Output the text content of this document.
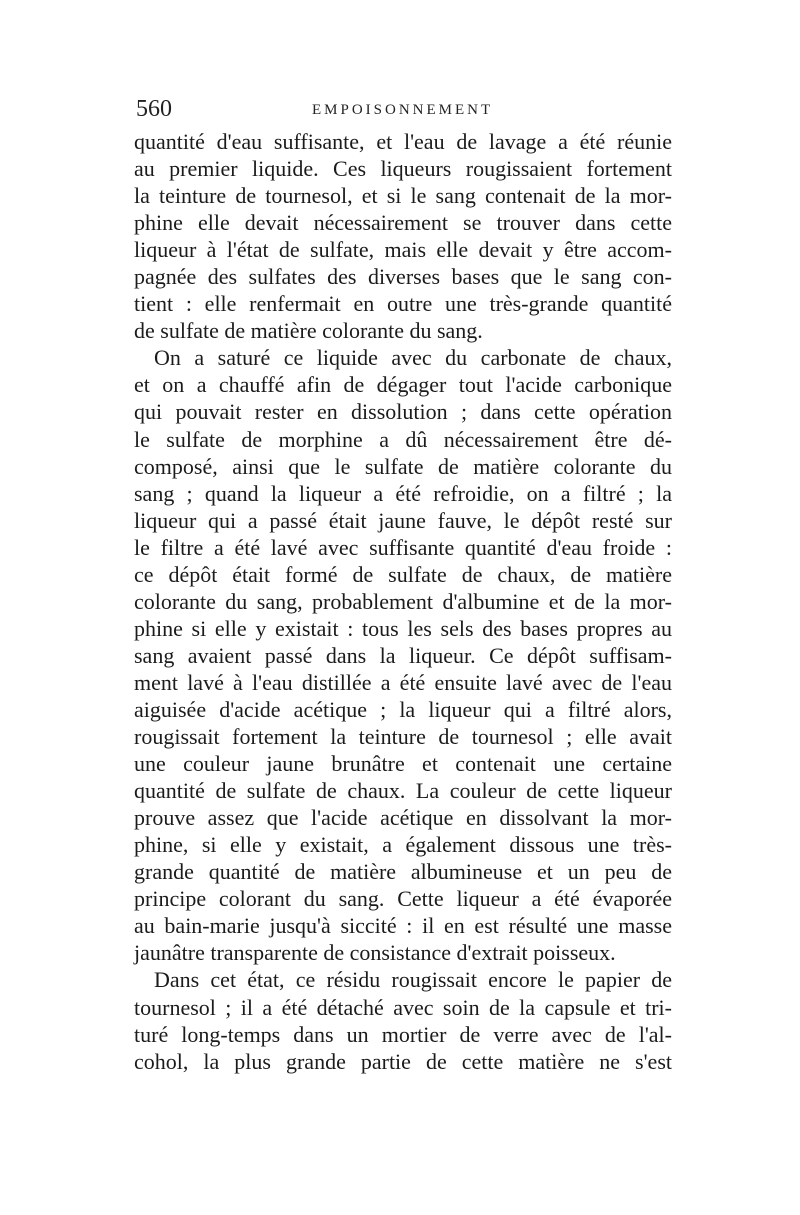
560	EMPOISONNEMENT
quantité d'eau suffisante, et l'eau de lavage a été réunie
au premier liquide. Ces liqueurs rougissaient fortement
la teinture de tournesol, et si le sang contenait de la mor-
phine elle devait nécessairement se trouver dans cette
liqueur à l'état de sulfate, mais elle devait y être accom-
pagnée des sulfates des diverses bases que le sang con-
tient : elle renfermait en outre une très-grande quantité
de sulfate de matière colorante du sang.
On a saturé ce liquide avec du carbonate de chaux,
et on a chauffé afin de dégager tout l'acide carbonique
qui pouvait rester en dissolution ; dans cette opération
le sulfate de morphine a dû nécessairement être dé-
composé, ainsi que le sulfate de matière colorante du
sang ; quand la liqueur a été refroidie, on a filtré ; la
liqueur qui a passé était jaune fauve, le dépôt resté sur
le filtre a été lavé avec suffisante quantité d'eau froide :
ce dépôt était formé de sulfate de chaux, de matière
colorante du sang, probablement d'albumine et de la mor-
phine si elle y existait : tous les sels des bases propres au
sang avaient passé dans la liqueur. Ce dépôt suffisam-
ment lavé à l'eau distillée a été ensuite lavé avec de l'eau
aiguisée d'acide acétique ; la liqueur qui a filtré alors,
rougissait fortement la teinture de tournesol ; elle avait
une couleur jaune brunâtre et contenait une certaine
quantité de sulfate de chaux. La couleur de cette liqueur
prouve assez que l'acide acétique en dissolvant la mor-
phine, si elle y existait, a également dissous une très-
grande quantité de matière albumineuse et un peu de
principe colorant du sang. Cette liqueur a été évaporée
au bain-marie jusqu'à siccité : il en est résulté une masse
jaunâtre transparente de consistance d'extrait poisseux.
Dans cet état, ce résidu rougissait encore le papier de
tournesol ; il a été détaché avec soin de la capsule et tri-
turé long-temps dans un mortier de verre avec de l'al-
cohol, la plus grande partie de cette matière ne s'est
